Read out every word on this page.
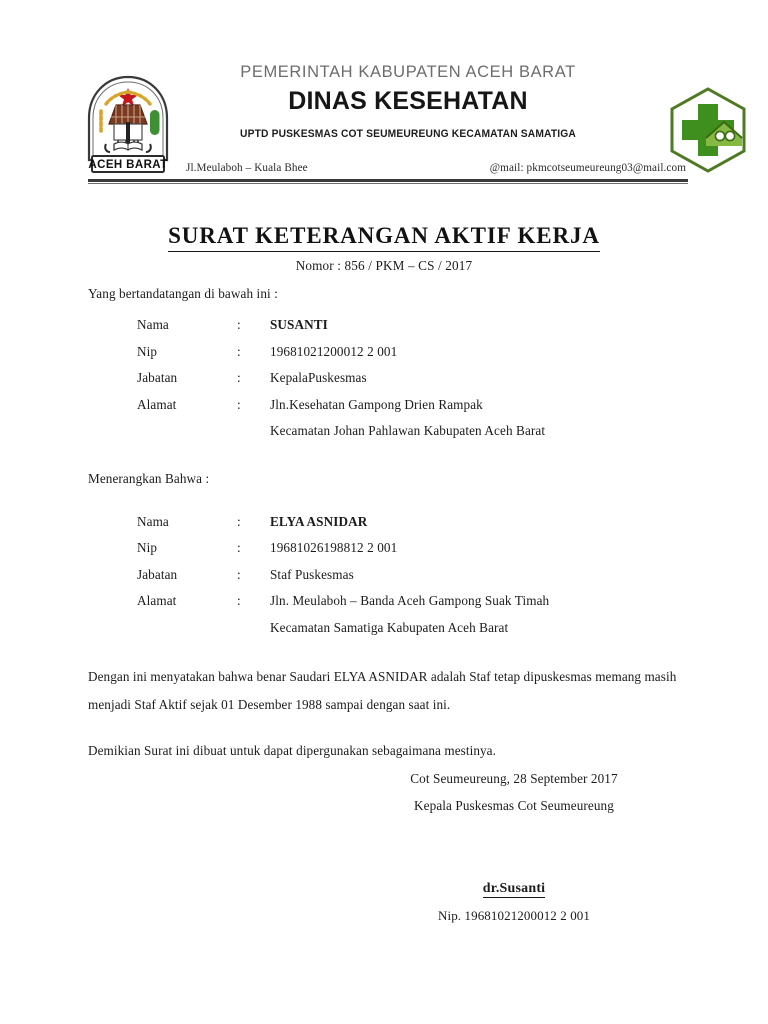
PEMERINTAH KABUPATEN ACEH BARAT
DINAS KESEHATAN
UPTD PUSKESMAS COT SEUMEUREUNG KECAMATAN SAMATIGA
Jl.Meulaboh – Kuala Bhee	@mail: pkmcotseumeureung03@mail.com
ACEH BARAT
SURAT KETERANGAN AKTIF KERJA
Nomor : 856 / PKM – CS / 2017
Yang bertandatangan di bawah ini :
Nama	:	SUSANTI
Nip	:	19681021200012 2 001
Jabatan	:	KepalaPuskesmas
Alamat	:	Jln.Kesehatan Gampong Drien Rampak
		Kecamatan Johan Pahlawan Kabupaten Aceh Barat
Menerangkan Bahwa :
Nama	:	ELYA ASNIDAR
Nip	:	19681026198812 2 001
Jabatan	:	Staf Puskesmas
Alamat	:	Jln. Meulaboh – Banda Aceh Gampong Suak Timah
		Kecamatan Samatiga Kabupaten Aceh Barat
Dengan ini menyatakan bahwa benar Saudari ELYA ASNIDAR adalah Staf tetap dipuskesmas memang masih menjadi Staf Aktif sejak 01 Desember 1988 sampai dengan saat ini.
Demikian Surat ini dibuat untuk dapat dipergunakan sebagaimana mestinya.
Cot Seumeureung, 28 September 2017
Kepala Puskesmas Cot Seumeureung
dr.Susanti
Nip. 19681021200012 2 001
